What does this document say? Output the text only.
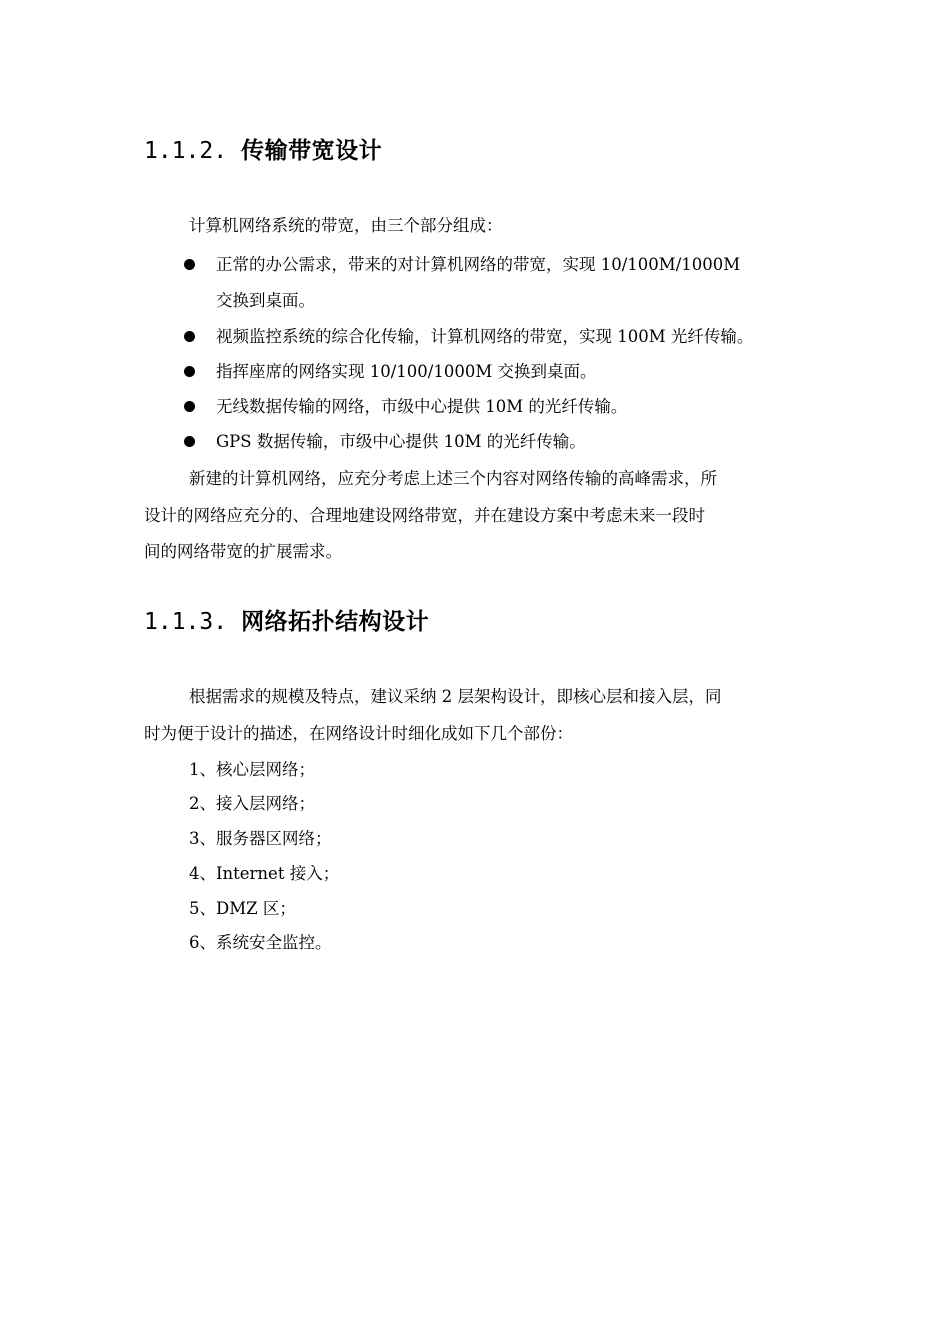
1.1.2. 传输带宽设计
计算机网络系统的带宽，由三个部分组成：
正常的办公需求，带来的对计算机网络的带宽，实现 10/100M/1000M
交换到桌面。
视频监控系统的综合化传输，计算机网络的带宽，实现 100M 光纤传输。
指挥座席的网络实现 10/100/1000M 交换到桌面。
无线数据传输的网络，市级中心提供 10M 的光纤传输。
GPS 数据传输，市级中心提供 10M 的光纤传输。
新建的计算机网络，应充分考虑上述三个内容对网络传输的高峰需求，所
设计的网络应充分的、合理地建设网络带宽，并在建设方案中考虑未来一段时
间的网络带宽的扩展需求。
1.1.3. 网络拓扑结构设计
根据需求的规模及特点，建议采纳 2 层架构设计，即核心层和接入层，同
时为便于设计的描述，在网络设计时细化成如下几个部份：
1、核心层网络；
2、接入层网络；
3、服务器区网络；
4、Internet 接入；
5、DMZ 区；
6、系统安全监控。
